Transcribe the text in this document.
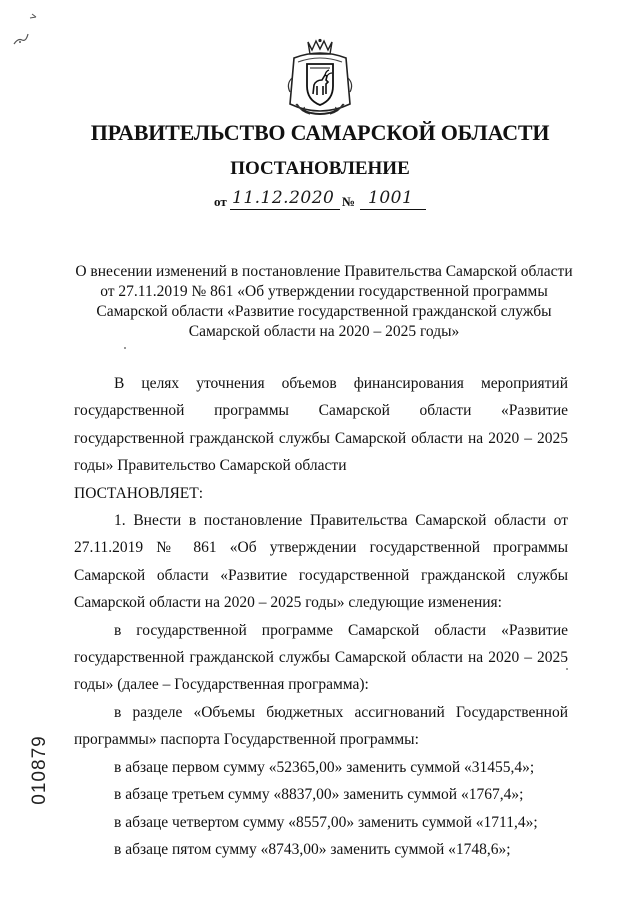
ПРАВИТЕЛЬСТВО САМАРСКОЙ ОБЛАСТИ
ПОСТАНОВЛЕНИЕ
от 11.12.2020 № 1001
О внесении изменений в постановление Правительства Самарской области
от 27.11.2019 № 861 «Об утверждении государственной программы
Самарской области «Развитие государственной гражданской службы
Самарской области на 2020 – 2025 годы»

В целях уточнения объемов финансирования мероприятий государственной программы Самарской области «Развитие государственной гражданской службы Самарской области на 2020 – 2025 годы» Правительство Самарской области

ПОСТАНОВЛЯЕТ:

1. Внести в постановление Правительства Самарской области от 27.11.2019 № 861 «Об утверждении государственной программы Самарской области «Развитие государственной гражданской службы Самарской области на 2020 – 2025 годы» следующие изменения:

в государственной программе Самарской области «Развитие государственной гражданской службы Самарской области на 2020 – 2025 годы» (далее – Государственная программа):

в разделе «Объемы бюджетных ассигнований Государственной программы» паспорта Государственной программы:

в абзаце первом сумму «52365,00» заменить суммой «31455,4»;

в абзаце третьем сумму «8837,00» заменить суммой «1767,4»;

в абзаце четвертом сумму «8557,00» заменить суммой «1711,4»;

в абзаце пятом сумму «8743,00» заменить суммой «1748,6»;

010879
